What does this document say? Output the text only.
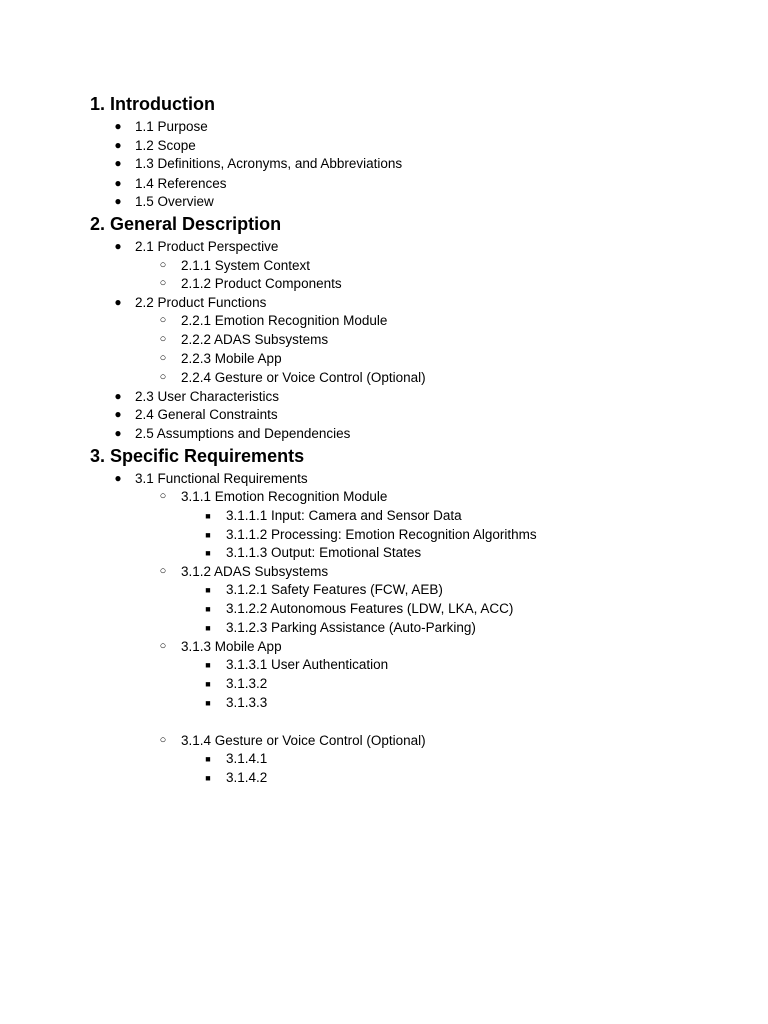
1. Introduction
● 1.1 Purpose
● 1.2 Scope
● 1.3 Definitions, Acronyms, and Abbreviations
● 1.4 References
● 1.5 Overview
2. General Description
● 2.1 Product Perspective
○ 2.1.1 System Context
○ 2.1.2 Product Components
● 2.2 Product Functions
○ 2.2.1 Emotion Recognition Module
○ 2.2.2 ADAS Subsystems
○ 2.2.3 Mobile App
○ 2.2.4 Gesture or Voice Control (Optional)
● 2.3 User Characteristics
● 2.4 General Constraints
● 2.5 Assumptions and Dependencies
3. Specific Requirements
● 3.1 Functional Requirements
○ 3.1.1 Emotion Recognition Module
■ 3.1.1.1 Input: Camera and Sensor Data
■ 3.1.1.2 Processing: Emotion Recognition Algorithms
■ 3.1.1.3 Output: Emotional States
○ 3.1.2 ADAS Subsystems
■ 3.1.2.1 Safety Features (FCW, AEB)
■ 3.1.2.2 Autonomous Features (LDW, LKA, ACC)
■ 3.1.2.3 Parking Assistance (Auto-Parking)
○ 3.1.3 Mobile App
■ 3.1.3.1 User Authentication
■ 3.1.3.2
■ 3.1.3.3
○ 3.1.4 Gesture or Voice Control (Optional)
■ 3.1.4.1
■ 3.1.4.2
